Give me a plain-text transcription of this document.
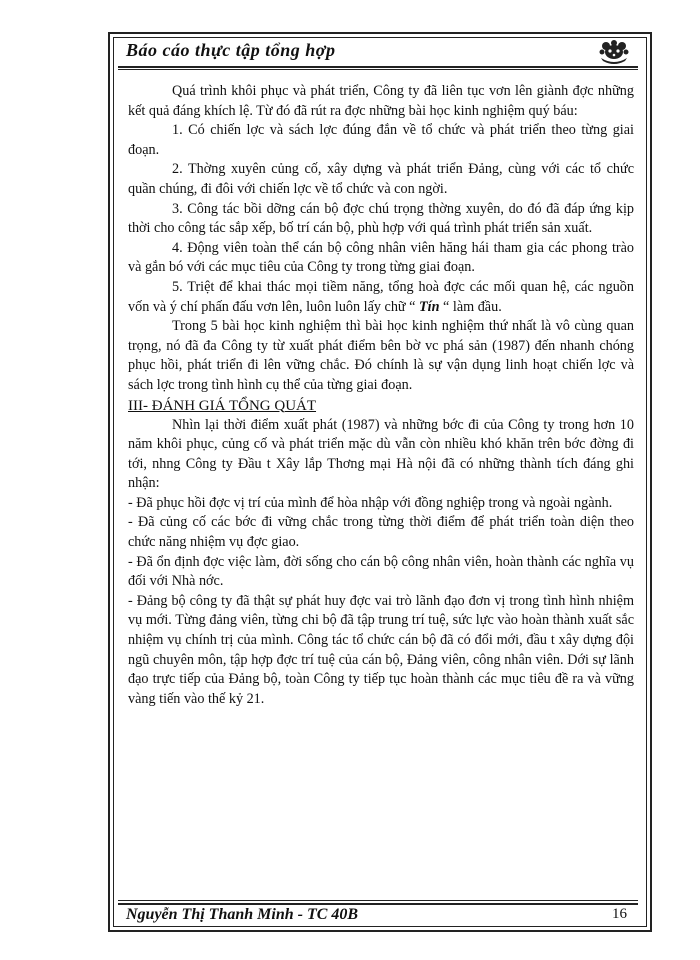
Báo cáo thực tập tổng hợp

Quá trình khôi phục và phát triển, Công ty đã liên tục vơn lên giành đợc những kết quả đáng khích lệ. Từ đó đã rút ra đợc những bài học kinh nghiệm quý báu:

1. Có chiến lợc và sách lợc đúng đắn về tổ chức và phát triển theo từng giai đoạn.

2. Thờng xuyên củng cố, xây dựng và phát triển Đảng, cùng với các tổ chức quần chúng, đi đôi với chiến lợc về tổ chức và con ngời.

3. Công tác bồi dỡng cán bộ đợc chú trọng thờng xuyên, do đó đã đáp ứng kịp thời cho công tác sắp xếp, bố trí cán bộ, phù hợp với quá trình phát triển sản xuất.

4. Động viên toàn thể cán bộ công nhân viên hăng hái tham gia các phong trào và gắn bó với các mục tiêu của Công ty trong từng giai đoạn.

5. Triệt để khai thác mọi tiềm năng, tổng hoà đợc các mối quan hệ, các nguồn vốn và ý chí phấn đấu vơn lên, luôn luôn lấy chữ “ Tín “ làm đầu.

Trong 5 bài học kinh nghiệm thì bài học kinh nghiệm thứ nhất là vô cùng quan trọng, nó đã đa Công ty từ xuất phát điểm bên bờ vc phá sản (1987) đến nhanh chóng phục hồi, phát triển đi lên vững chắc. Đó chính là sự vận dụng linh hoạt chiến lợc và sách lợc trong tình hình cụ thể của từng giai đoạn.

III- ĐÁNH GIÁ TỔNG QUÁT

Nhìn lại thời điểm xuất phát (1987) và những bớc đi của Công ty trong hơn 10 năm khôi phục, củng cố và phát triển mặc dù vẫn còn nhiều khó khăn trên bớc đờng đi tới, nhng Công ty Đầu t Xây lắp Thơng mại Hà nội đã có những thành tích đáng ghi nhận:

- Đã phục hồi đợc vị trí của mình để hòa nhập với đồng nghiệp trong và ngoài ngành.

- Đã củng cố các bớc đi vững chắc trong từng thời điểm để phát triển toàn diện theo chức năng nhiệm vụ đợc giao.

- Đã ổn định đợc việc làm, đời sống cho cán bộ công nhân viên, hoàn thành các nghĩa vụ đối với Nhà nớc.

- Đảng bộ công ty đã thật sự phát huy đợc vai trò lãnh đạo đơn vị trong tình hình nhiệm vụ mới. Từng đảng viên, từng chi bộ đã tập trung trí tuệ, sức lực vào hoàn thành xuất sắc nhiệm vụ chính trị của mình. Công tác tổ chức cán bộ đã có đổi mới, đầu t xây dựng đội ngũ chuyên môn, tập hợp đợc trí tuệ của cán bộ, Đảng viên, công nhân viên. Dới sự lãnh đạo trực tiếp của Đảng bộ, toàn Công ty tiếp tục hoàn thành các mục tiêu đề ra và vững vàng tiến vào thế kỷ 21.

Nguyễn Thị Thanh Minh - TC 40B	16
